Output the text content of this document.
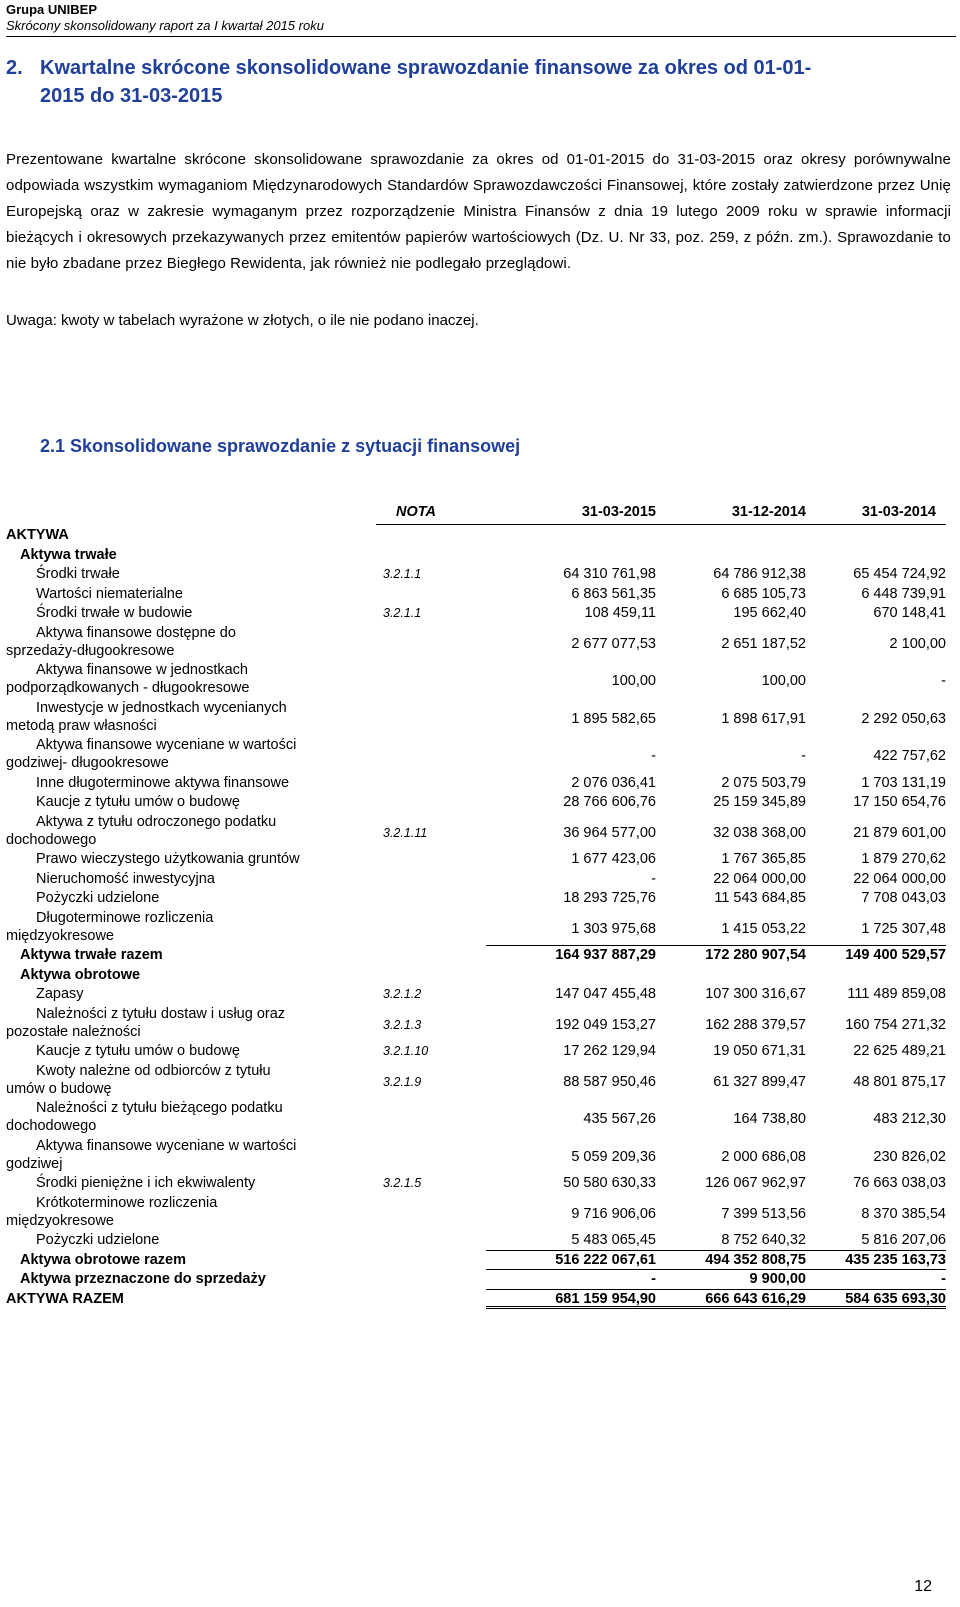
Grupa UNIBEP
Skrócony skonsolidowany raport za I kwartał 2015 roku
2. Kwartalne skrócone skonsolidowane sprawozdanie finansowe za okres od 01-01-
2015 do 31-03-2015
Prezentowane kwartalne skrócone skonsolidowane sprawozdanie za okres od 01-01-2015 do 31-03-2015 oraz okresy porównywalne odpowiada wszystkim wymaganiom Międzynarodowych Standardów Sprawozdawczości Finansowej, które zostały zatwierdzone przez Unię Europejską oraz w zakresie wymaganym przez rozporządzenie Ministra Finansów z dnia 19 lutego 2009 roku w sprawie informacji bieżących i okresowych przekazywanych przez emitentów papierów wartościowych (Dz. U. Nr 33, poz. 259, z późn. zm.). Sprawozdanie to nie było zbadane przez Biegłego Rewidenta, jak również nie podlegało przeglądowi.
Uwaga: kwoty w tabelach wyrażone w złotych, o ile nie podano inaczej.
2.1 Skonsolidowane sprawozdanie z sytuacji finansowej
NOTA	31-03-2015	31-12-2014	31-03-2014
AKTYWA
Aktywa trwałe
Środki trwałe	3.2.1.1	64 310 761,98	64 786 912,38	65 454 724,92
Wartości niematerialne	6 863 561,35	6 685 105,73	6 448 739,91
Środki trwałe w budowie	3.2.1.1	108 459,11	195 662,40	670 148,41
Aktywa finansowe dostępne do
sprzedaży-długookresowe	2 677 077,53	2 651 187,52	2 100,00
Aktywa finansowe w jednostkach
podporządkowanych - długookresowe	100,00	100,00	-
Inwestycje w jednostkach wycenianych
metodą praw własności	1 895 582,65	1 898 617,91	2 292 050,63
Aktywa finansowe wyceniane w wartości
godziwej- długookresowe	-	-	422 757,62
Inne długoterminowe aktywa finansowe	2 076 036,41	2 075 503,79	1 703 131,19
Kaucje z tytułu umów o budowę	28 766 606,76	25 159 345,89	17 150 654,76
Aktywa z tytułu odroczonego podatku
dochodowego	3.2.1.11	36 964 577,00	32 038 368,00	21 879 601,00
Prawo wieczystego użytkowania gruntów	1 677 423,06	1 767 365,85	1 879 270,62
Nieruchomość inwestycyjna	-	22 064 000,00	22 064 000,00
Pożyczki udzielone	18 293 725,76	11 543 684,85	7 708 043,03
Długoterminowe rozliczenia
międzyokresowe	1 303 975,68	1 415 053,22	1 725 307,48
Aktywa trwałe razem	164 937 887,29	172 280 907,54	149 400 529,57
Aktywa obrotowe
Zapasy	3.2.1.2	147 047 455,48	107 300 316,67	111 489 859,08
Należności z tytułu dostaw i usług oraz
pozostałe należności	3.2.1.3	192 049 153,27	162 288 379,57	160 754 271,32
Kaucje z tytułu umów o budowę	3.2.1.10	17 262 129,94	19 050 671,31	22 625 489,21
Kwoty należne od odbiorców z tytułu
umów o budowę	3.2.1.9	88 587 950,46	61 327 899,47	48 801 875,17
Należności z tytułu bieżącego podatku
dochodowego	435 567,26	164 738,80	483 212,30
Aktywa finansowe wyceniane w wartości
godziwej	5 059 209,36	2 000 686,08	230 826,02
Środki pieniężne i ich ekwiwalenty	3.2.1.5	50 580 630,33	126 067 962,97	76 663 038,03
Krótkoterminowe rozliczenia
międzyokresowe	9 716 906,06	7 399 513,56	8 370 385,54
Pożyczki udzielone	5 483 065,45	8 752 640,32	5 816 207,06
Aktywa obrotowe razem	516 222 067,61	494 352 808,75	435 235 163,73
Aktywa przeznaczone do sprzedaży	-	9 900,00	-
AKTYWA RAZEM	681 159 954,90	666 643 616,29	584 635 693,30
12
